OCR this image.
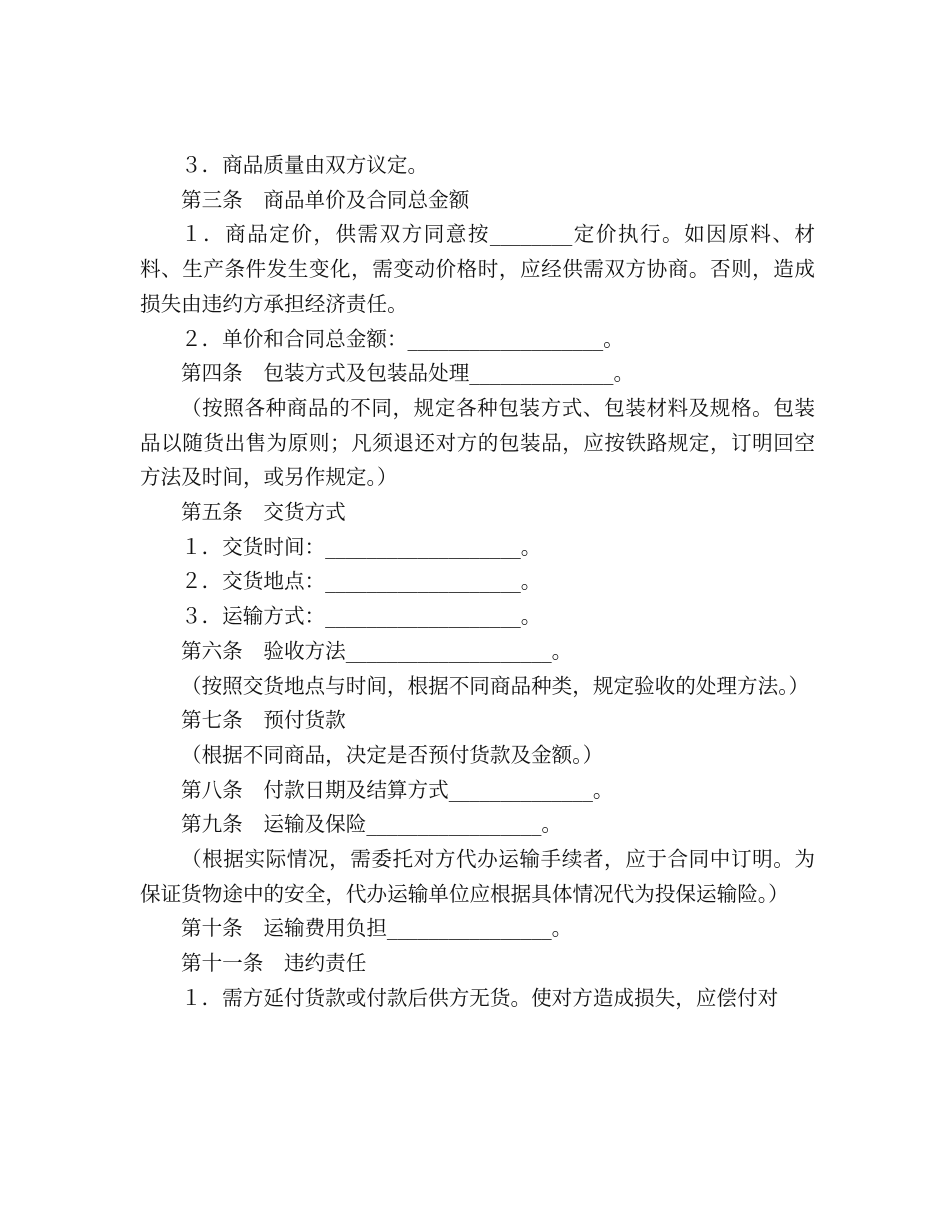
３．商品质量由双方议定。

第三条　商品单价及合同总金额

１．商品定价，供需双方同意按________定价执行。如因原料、材料、生产条件发生变化，需变动价格时，应经供需双方协商。否则，造成损失由违约方承担经济责任。

２．单价和合同总金额：___________________。

第四条　包装方式及包装品处理______________。

（按照各种商品的不同，规定各种包装方式、包装材料及规格。包装品以随货出售为原则；凡须退还对方的包装品，应按铁路规定，订明回空方法及时间，或另作规定。）

第五条　交货方式

１．交货时间：___________________。

２．交货地点：___________________。

３．运输方式：___________________。

第六条　验收方法____________________。

（按照交货地点与时间，根据不同商品种类，规定验收的处理方法。）

第七条　预付货款

（根据不同商品，决定是否预付货款及金额。）

第八条　付款日期及结算方式______________。

第九条　运输及保险_________________。

（根据实际情况，需委托对方代办运输手续者，应于合同中订明。为保证货物途中的安全，代办运输单位应根据具体情况代为投保运输险。）

第十条　运输费用负担________________。

第十一条　违约责任

１．需方延付货款或付款后供方无货。使对方造成损失，应偿付对
